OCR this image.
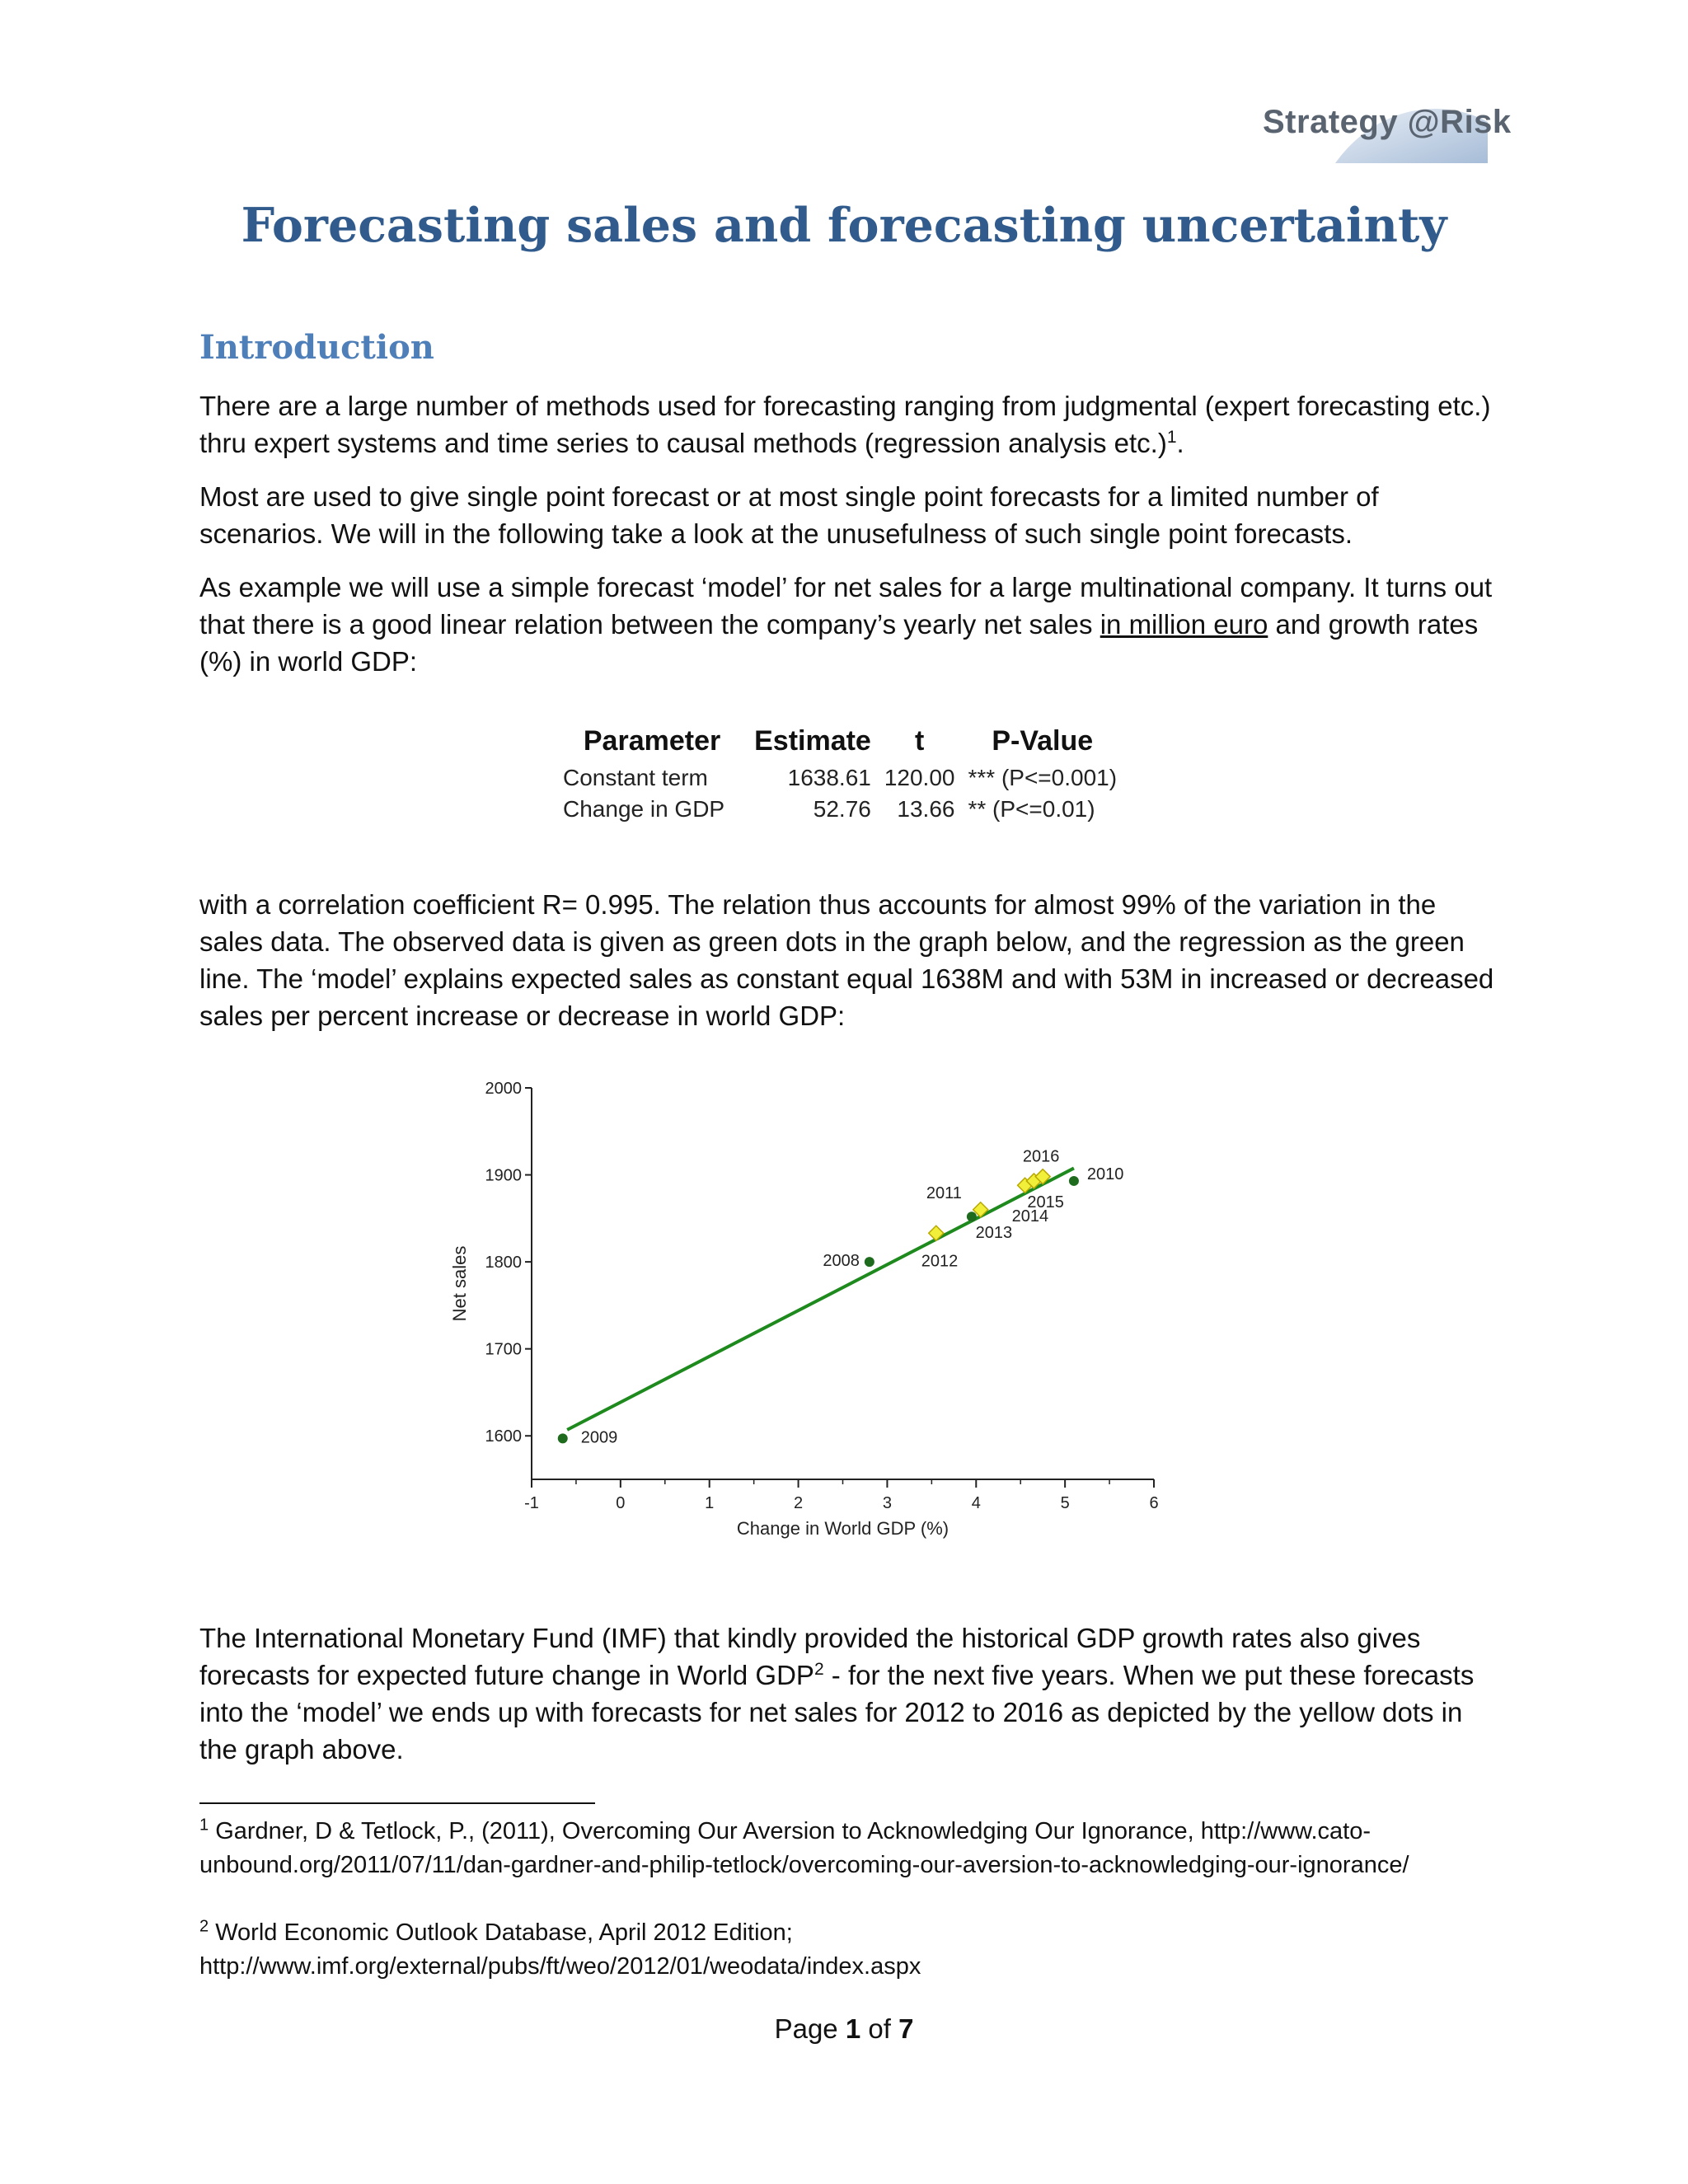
Strategy @Risk
Forecasting sales and forecasting uncertainty
Introduction

There are a large number of methods used for forecasting ranging from judgmental (expert forecasting etc.) thru expert systems and time series to causal methods (regression analysis etc.)$^1$.

Most are used to give single point forecast or at most single point forecasts for a limited number of scenarios. We will in the following take a look at the unusefulness of such single point forecasts.

As example we will use a simple forecast ‘model’ for net sales for a large multinational company. It turns out that there is a good linear relation between the company’s yearly net sales in million euro and growth rates (%) in world GDP:

Parameter	Estimate	t	P-Value
Constant term	1638.61	120.00	*** (P<=0.001)
Change in GDP	52.76	13.66	** (P<=0.01)

with a correlation coefficient R= 0.995. The relation thus accounts for almost 99% of the variation in the sales data. The observed data is given as green dots in the graph below, and the regression as the green line. The ‘model’ explains expected sales as constant equal 1638M and with 53M in increased or decreased sales per percent increase or decrease in world GDP:

1600
1700
1800
1900
2000
-1	0	1	2	3	4	5	6
Change in World GDP (%)
Net sales	2008
2009
2010
2011
2012
2013
2014
2015
2016

The International Monetary Fund (IMF) that kindly provided the historical GDP growth rates also gives forecasts for expected future change in World GDP$^2$ - for the next five years. When we put these forecasts into the ‘model’ we ends up with forecasts for net sales for 2012 to 2016 as depicted by the yellow dots in the graph above.

$^1$ Gardner, D & Tetlock, P., (2011), Overcoming Our Aversion to Acknowledging Our Ignorance, http://www.cato-unbound.org/2011/07/11/dan-gardner-and-philip-tetlock/overcoming-our-aversion-to-acknowledging-our-ignorance/

$^2$ World Economic Outlook Database, April 2012 Edition; http://www.imf.org/external/pubs/ft/weo/2012/01/weodata/index.aspx

Page 1 of 7
